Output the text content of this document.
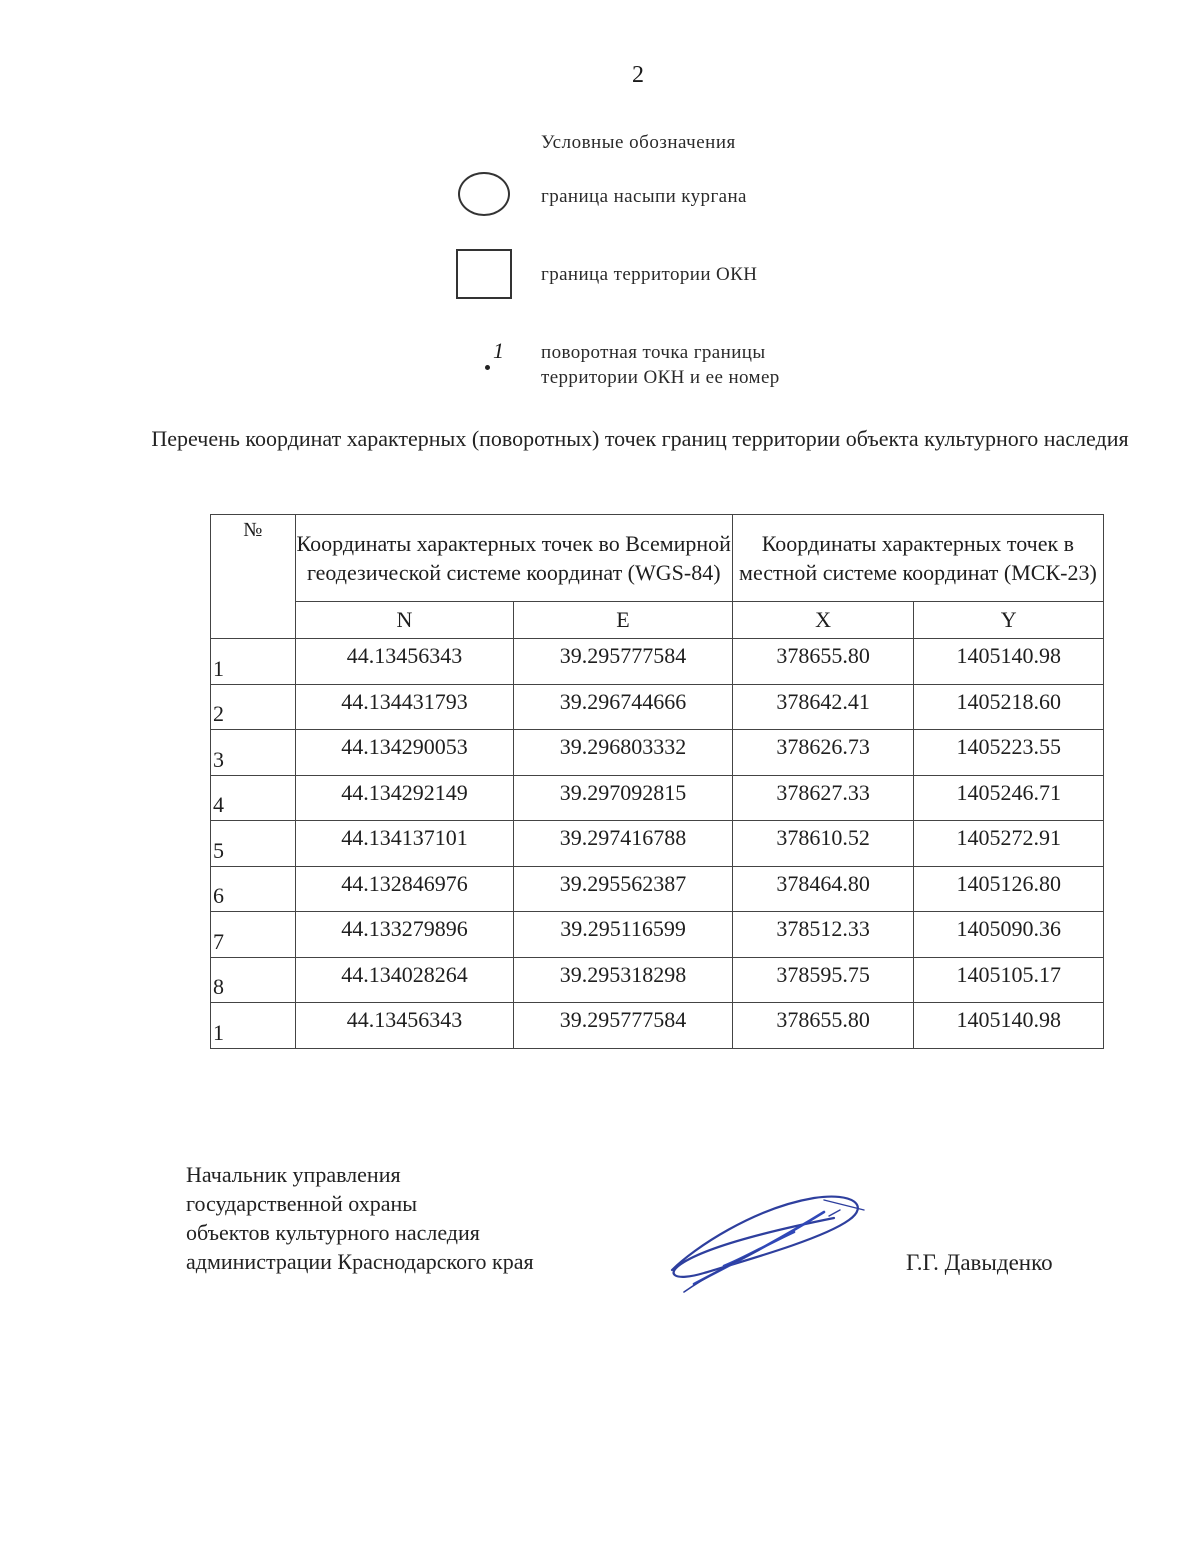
2
Условные обозначения
граница насыпи кургана
граница территории ОКН
1 поворотная точка границы территории ОКН и ее номер
Перечень координат характерных (поворотных) точек границ территории объекта культурного наследия
№	Координаты характерных точек во Всемирной геодезической системе координат (WGS-84)		Координаты характерных точек в местной системе координат (МСК-23)	
	N	E	X	Y
1	44.13456343	39.295777584	378655.80	1405140.98
2	44.134431793	39.296744666	378642.41	1405218.60
3	44.134290053	39.296803332	378626.73	1405223.55
4	44.134292149	39.297092815	378627.33	1405246.71
5	44.134137101	39.297416788	378610.52	1405272.91
6	44.132846976	39.295562387	378464.80	1405126.80
7	44.133279896	39.295116599	378512.33	1405090.36
8	44.134028264	39.295318298	378595.75	1405105.17
1	44.13456343	39.295777584	378655.80	1405140.98
Начальник управления
государственной охраны
объектов культурного наследия
администрации Краснодарского края	Г.Г. Давыденко
